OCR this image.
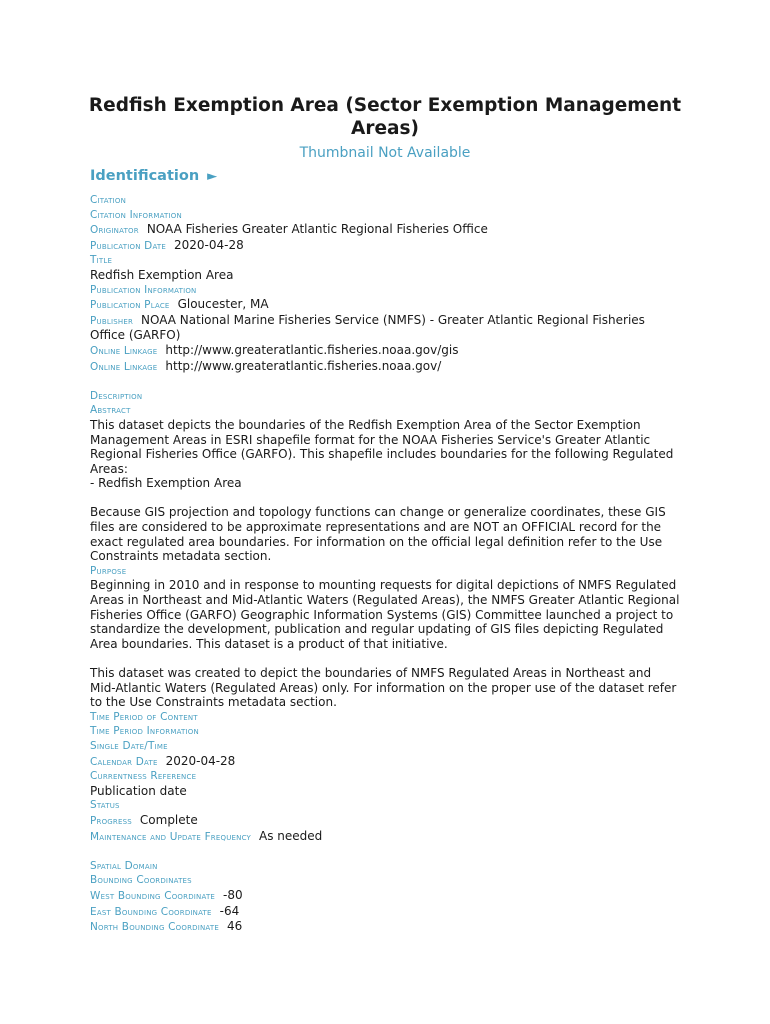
Redfish Exemption Area (Sector Exemption Management Areas)
Thumbnail Not Available
Identification ►
Citation
Citation Information
Originator NOAA Fisheries Greater Atlantic Regional Fisheries Office
Publication Date 2020-04-28
Title
Redfish Exemption Area
Publication Information
Publication Place Gloucester, MA
Publisher NOAA National Marine Fisheries Service (NMFS) - Greater Atlantic Regional Fisheries Office (GARFO)
Online Linkage http://www.greateratlantic.fisheries.noaa.gov/gis
Online Linkage http://www.greateratlantic.fisheries.noaa.gov/
Description
Abstract

This dataset depicts the boundaries of the Redfish Exemption Area of the Sector Exemption Management Areas in ESRI shapefile format for the NOAA Fisheries Service's Greater Atlantic Regional Fisheries Office (GARFO). This shapefile includes boundaries for the following Regulated Areas:

- Redfish Exemption Area

Because GIS projection and topology functions can change or generalize coordinates, these GIS files are considered to be approximate representations and are NOT an OFFICIAL record for the exact regulated area boundaries. For information on the official legal definition refer to the Use Constraints metadata section.

Purpose

Beginning in 2010 and in response to mounting requests for digital depictions of NMFS Regulated Areas in Northeast and Mid-Atlantic Waters (Regulated Areas), the NMFS Greater Atlantic Regional Fisheries Office (GARFO) Geographic Information Systems (GIS) Committee launched a project to standardize the development, publication and regular updating of GIS files depicting Regulated Area boundaries. This dataset is a product of that initiative.

This dataset was created to depict the boundaries of NMFS Regulated Areas in Northeast and Mid-Atlantic Waters (Regulated Areas) only. For information on the proper use of the dataset refer to the Use Constraints metadata section.

Time Period of Content
Time Period Information
Single Date/Time
Calendar Date 2020-04-28
Currentness Reference
Publication date
Status
Progress Complete
Maintenance and Update Frequency As needed
Spatial Domain
Bounding Coordinates
West Bounding Coordinate -80
East Bounding Coordinate -64
North Bounding Coordinate 46
